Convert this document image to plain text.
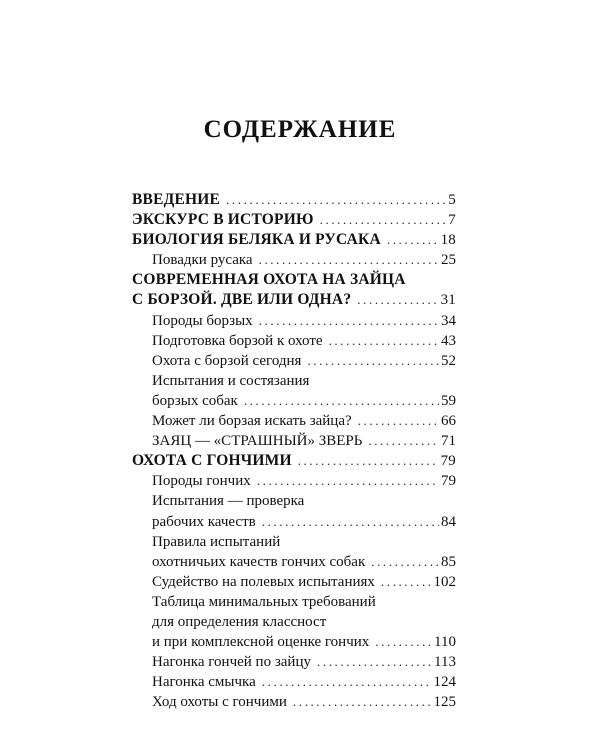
СОДЕРЖАНИЕ
ВВЕДЕНИЕ .....	5
ЭКСКУРС В ИСТОРИЮ .....	7
БИОЛОГИЯ БЕЛЯКА И РУСАКА .....	18
Повадки русака .....	25
СОВРЕМЕННАЯ ОХОТА НА ЗАЙЦА
С БОРЗОЙ. ДВЕ ИЛИ ОДНА? .....	31
Породы борзых .....	34
Подготовка борзой к охоте .....	43
Охота с борзой сегодня .....	52
Испытания и состязания
борзых собак .....	59
Может ли борзая искать зайца? .....	66
ЗАЯЦ — «СТРАШНЫЙ» ЗВЕРЬ .....	71
ОХОТА С ГОНЧИМИ .....	79
Породы гончих .....	79
Испытания — проверка
рабочих качеств .....	84
Правила испытаний
охотничьих качеств гончих собак .....	85
Судейство на полевых испытаниях .....	102
Таблица минимальных требований
для определения классност
и при комплексной оценке гончих .....	110
Нагонка гончей по зайцу .....	113
Нагонка смычка .....	124
Ход охоты с гончими .....	125
